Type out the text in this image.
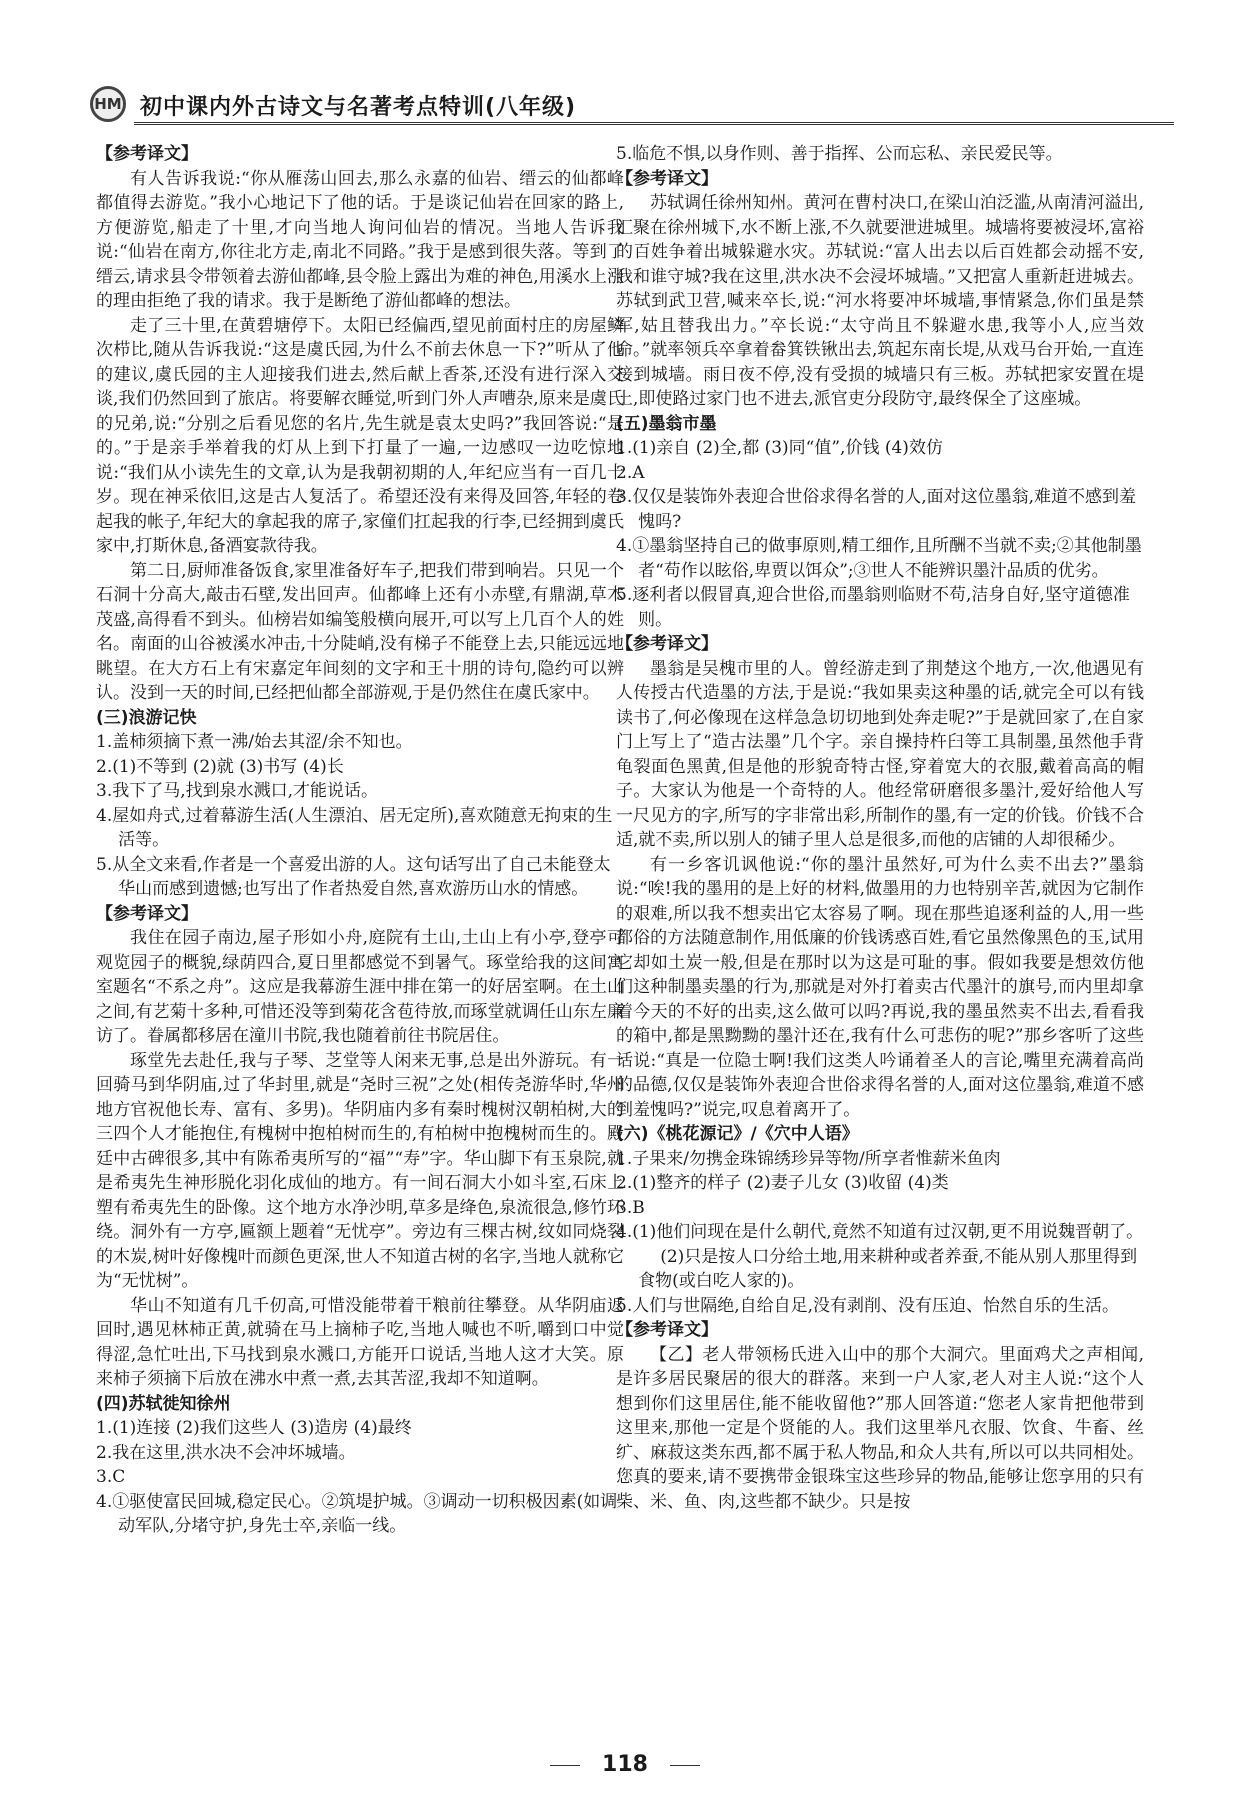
HM 初中课内外古诗文与名著考点特训(八年级)

【参考译文】

有人告诉我说:“你从雁荡山回去,那么永嘉的仙岩、缙云的仙都峰都值得去游览。”我小心地记下了他的话。于是谈记仙岩在回家的路上,方便游览,船走了十里,才向当地人询问仙岩的情况。当地人告诉我说:“仙岩在南方,你往北方走,南北不同路。”我于是感到很失落。等到了缙云,请求县令带领着去游仙都峰,县令脸上露出为难的神色,用溪水上涨的理由拒绝了我的请求。我于是断绝了游仙都峰的想法。

走了三十里,在黄碧塘停下。太阳已经偏西,望见前面村庄的房屋鳞次栉比,随从告诉我说:“这是虞氏园,为什么不前去休息一下?”听从了他的建议,虞氏园的主人迎接我们进去,然后献上香茶,还没有进行深入交谈,我们仍然回到了旅店。将要解衣睡觉,听到门外人声嘈杂,原来是虞氏的兄弟,说:“分别之后看见您的名片,先生就是袁太史吗?”我回答说:“是的。”于是亲手举着我的灯从上到下打量了一遍,一边感叹一边吃惊地说:“我们从小读先生的文章,认为是我朝初期的人,年纪应当有一百几十岁。现在神采依旧,这是古人复活了。希望还没有来得及回答,年轻的卷起我的帐子,年纪大的拿起我的席子,家僮们扛起我的行李,已经拥到虞氏家中,打斯休息,备酒宴款待我。

第二日,厨师准备饭食,家里准备好车子,把我们带到响岩。只见一个石洞十分高大,敲击石壁,发出回声。仙都峰上还有小赤壁,有鼎湖,草木茂盛,高得看不到头。仙榜岩如编笺般横向展开,可以写上几百个人的姓名。南面的山谷被溪水冲击,十分陡峭,没有梯子不能登上去,只能远远地眺望。在大方石上有宋嘉定年间刻的文字和王十朋的诗句,隐约可以辨认。没到一天的时间,已经把仙都全部游观,于是仍然住在虞氏家中。

(三)浪游记快

1.盖柿须摘下煮一沸/始去其涩/余不知也。

2.(1)不等到 (2)就 (3)书写 (4)长

3.我下了马,找到泉水溅口,才能说话。

4.屋如舟式,过着幕游生活(人生漂泊、居无定所),喜欢随意无拘束的生活等。

5.从全文来看,作者是一个喜爱出游的人。这句话写出了自己未能登太华山而感到遗憾;也写出了作者热爱自然,喜欢游历山水的情感。

【参考译文】

我住在园子南边,屋子形如小舟,庭院有土山,土山上有小亭,登亭可观览园子的概貌,绿荫四合,夏日里都感觉不到暑气。琢堂给我的这间寓室题名“不系之舟”。这应是我幕游生涯中排在第一的好居室啊。在土山之间,有艺菊十多种,可惜还没等到菊花含苞待放,而琢堂就调任山东左廉访了。眷属都移居在潼川书院,我也随着前往书院居住。

琢堂先去赴任,我与子琴、芝堂等人闲来无事,总是出外游玩。有一回骑马到华阴庙,过了华封里,就是“尧时三祝”之处(相传尧游华时,华州地方官祝他长寿、富有、多男)。华阴庙内多有秦时槐树汉朝柏树,大的三四个人才能抱住,有槐树中抱柏树而生的,有柏树中抱槐树而生的。殿廷中古碑很多,其中有陈希夷所写的“福”“寿”字。华山脚下有玉泉院,就是希夷先生神形脱化羽化成仙的地方。有一间石洞大小如斗室,石床上塑有希夷先生的卧像。这个地方水净沙明,草多是绛色,泉流很急,修竹环绕。洞外有一方亭,匾额上题着“无忧亭”。旁边有三棵古树,纹如同烧裂的木炭,树叶好像槐叶而颜色更深,世人不知道古树的名字,当地人就称它为“无忧树”。

华山不知道有几千仞高,可惜没能带着干粮前往攀登。从华阴庙返回时,遇见林柿正黄,就骑在马上摘柿子吃,当地人喊也不听,嚼到口中觉得涩,急忙吐出,下马找到泉水溅口,方能开口说话,当地人这才大笑。原来柿子须摘下后放在沸水中煮一煮,去其苦涩,我却不知道啊。

(四)苏轼徙知徐州

1.(1)连接 (2)我们这些人 (3)造房 (4)最终

2.我在这里,洪水决不会冲坏城墙。

3.C

4.①驱使富民回城,稳定民心。②筑堤护城。③调动一切积极因素(如调动军队,分堵守护,身先士卒,亲临一线。

5.临危不惧,以身作则、善于指挥、公而忘私、亲民爱民等。

【参考译文】

苏轼调任徐州知州。黄河在曹村决口,在梁山泊泛滥,从南清河溢出,汇聚在徐州城下,水不断上涨,不久就要泄进城里。城墙将要被浸坏,富裕的百姓争着出城躲避水灾。苏轼说:“富人出去以后百姓都会动摇不安,我和谁守城?我在这里,洪水决不会浸坏城墙。”又把富人重新赶进城去。苏轼到武卫营,喊来卒长,说:“河水将要冲坏城墙,事情紧急,你们虽是禁军,姑且替我出力。”卒长说:“太守尚且不躲避水患,我等小人,应当效命。”就率领兵卒拿着畚箕铁锹出去,筑起东南长堤,从戏马台开始,一直连接到城墙。雨日夜不停,没有受损的城墙只有三板。苏轼把家安置在堤上,即使路过家门也不进去,派官吏分段防守,最终保全了这座城。

(五)墨翁市墨

1.(1)亲自 (2)全,都 (3)同“值”,价钱 (4)效仿

2.A

3.仅仅是装饰外表迎合世俗求得名誉的人,面对这位墨翁,难道不感到羞愧吗?

4.①墨翁坚持自己的做事原则,精工细作,且所酬不当就不卖;②其他制墨者“苟作以眩俗,卑贾以饵众”;③世人不能辨识墨汁品质的优劣。

5.逐利者以假冒真,迎合世俗,而墨翁则临财不苟,洁身自好,坚守道德准则。

【参考译文】

墨翁是吴槐市里的人。曾经游走到了荆楚这个地方,一次,他遇见有人传授古代造墨的方法,于是说:“我如果卖这种墨的话,就完全可以有钱读书了,何必像现在这样急急切切地到处奔走呢?”于是就回家了,在自家门上写上了“造古法墨”几个字。亲自操持杵臼等工具制墨,虽然他手背龟裂面色黑黄,但是他的形貌奇特古怪,穿着宽大的衣服,戴着高高的帽子。大家认为他是一个奇特的人。他经常研磨很多墨汁,爱好给他人写一尺见方的字,所写的字非常出彩,所制作的墨,有一定的价钱。价钱不合适,就不卖,所以别人的铺子里人总是很多,而他的店铺的人却很稀少。

有一乡客讥讽他说:“你的墨汁虽然好,可为什么卖不出去?”墨翁说:“唉!我的墨用的是上好的材料,做墨用的力也特别辛苦,就因为它制作的艰难,所以我不想卖出它太容易了啊。现在那些追逐利益的人,用一些都俗的方法随意制作,用低廉的价钱诱惑百姓,看它虽然像黑色的玉,试用它却如土炭一般,但是在那时以为这是可耻的事。假如我要是想效仿他们这种制墨卖墨的行为,那就是对外打着卖古代墨汁的旗号,而内里却拿着今天的不好的出卖,这么做可以吗?再说,我的墨虽然卖不出去,看看我的箱中,都是黑黝黝的墨汁还在,我有什么可悲伤的呢?”那乡客听了这些话说:“真是一位隐士啊!我们这类人吟诵着圣人的言论,嘴里充满着高尚的品德,仅仅是装饰外表迎合世俗求得名誉的人,面对这位墨翁,难道不感到羞愧吗?”说完,叹息着离开了。

(六)《桃花源记》/《穴中人语》

1.子果来/勿携金珠锦绣珍异等物/所享者惟薪米鱼肉

2.(1)整齐的样子 (2)妻子儿女 (3)收留 (4)类

3.B

4.(1)他们问现在是什么朝代,竟然不知道有过汉朝,更不用说魏晋朝了。

(2)只是按人口分给土地,用来耕种或者养蚕,不能从别人那里得到食物(或白吃人家的)。

5.人们与世隔绝,自给自足,没有剥削、没有压迫、怡然自乐的生活。

【参考译文】

【乙】老人带领杨氏进入山中的那个大洞穴。里面鸡犬之声相闻,是许多居民聚居的很大的群落。来到一户人家,老人对主人说:“这个人想到你们这里居住,能不能收留他?”那人回答道:“您老人家肯把他带到这里来,那他一定是个贤能的人。我们这里举凡衣服、饮食、牛畜、丝纩、麻菽这类东西,都不属于私人物品,和众人共有,所以可以共同相处。您真的要来,请不要携带金银珠宝这些珍异的物品,能够让您享用的只有柴、米、鱼、肉,这些都不缺少。只是按

118
